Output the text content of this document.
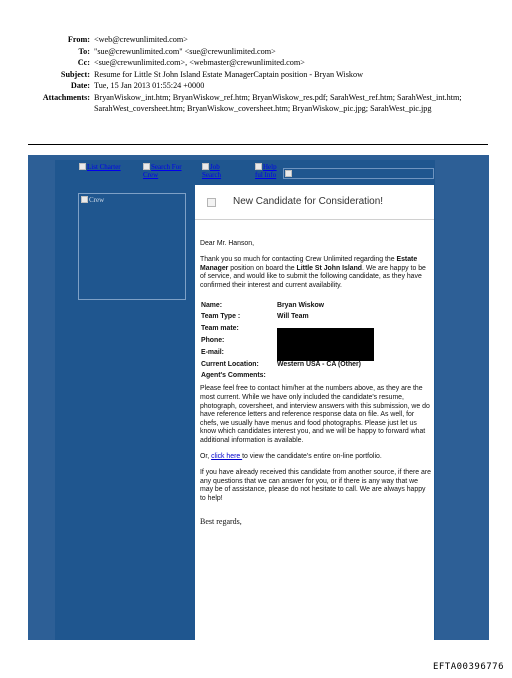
From: <web@crewunlimited.com>
To: "sue@crewunlimited.com" <sue@crewunlimited.com>
Cc: <sue@crewunlimited.com>, <webmaster@crewunlimited.com>
Subject: Resume for Little St John Island Estate ManagerCaptain position - Bryan Wiskow
Date: Tue, 15 Jan 2013 01:55:24 +0000
Attachments: BryanWiskow_int.htm; BryanWiskow_ref.htm; BryanWiskow_res.pdf; SarahWest_ref.htm; SarahWest_int.htm; SarahWest_coversheet.htm; BryanWiskow_coversheet.htm; BryanWiskow_pic.jpg; SarahWest_pic.jpg
List Charter	Search For Crew
Job Search
Help ful Info
Crew	New Candidate for Consideration!

Dear Mr. Hanson,

Thank you so much for contacting Crew Unlimited regarding the Estate Manager position on board the Little St John Island. We are happy to be of service, and would like to submit the following candidate, as they have confirmed their interest and current availability.

Name:	Bryan Wiskow
Team Type :	Will Team
Team mate:
Phone:
E-mail:
Current Location:	Western USA - CA (Other)
Agent's Comments:

Please feel free to contact him/her at the numbers above, as they are the most current. While we have only included the candidate's resume, photograph, coversheet, and interview answers with this submission, we do have reference letters and reference response data on file. As well, for chefs, we usually have menus and food photographs. Please just let us know which candidates interest you, and we will be happy to forward what additional information is available.

Or, click here to view the candidate's entire on-line portfolio.

If you have already received this candidate from another source, if there are any questions that we can answer for you, or if there is any way that we may be of assistance, please do not hesitate to call. We are always happy to help!

Best regards,
EFTA00396776
